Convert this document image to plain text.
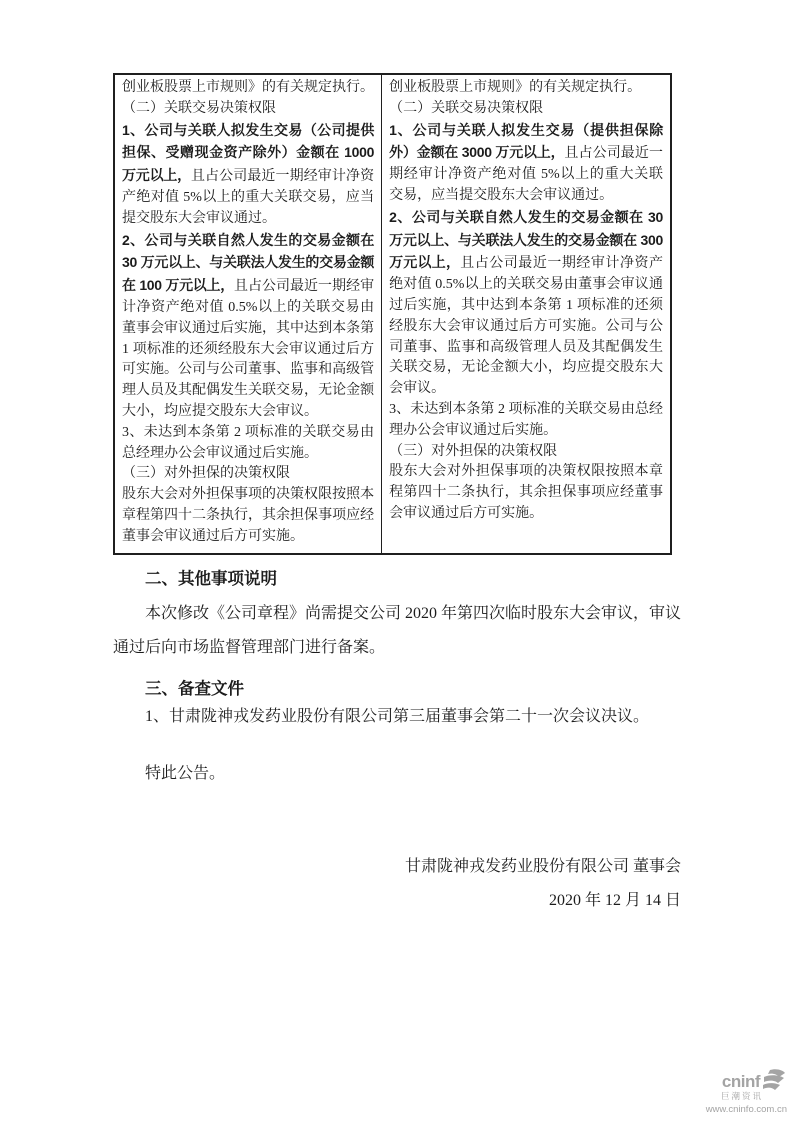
创业板股票上市规则》的有关规定执行。

（二）关联交易决策权限

1、公司与关联人拟发生交易（公司提供担保、受赠现金资产除外）金额在 1000 万元以上，且占公司最近一期经审计净资产绝对值 5%以上的重大关联交易，应当提交股东大会审议通过。

2、公司与关联自然人发生的交易金额在 30 万元以上、与关联法人发生的交易金额在 100 万元以上，且占公司最近一期经审计净资产绝对值 0.5%以上的关联交易由董事会审议通过后实施，其中达到本条第 1 项标准的还须经股东大会审议通过后方可实施。公司与公司董事、监事和高级管理人员及其配偶发生关联交易，无论金额大小，均应提交股东大会审议。

3、未达到本条第 2 项标准的关联交易由总经理办公会审议通过后实施。

（三）对外担保的决策权限

股东大会对外担保事项的决策权限按照本章程第四十二条执行，其余担保事项应经董事会审议通过后方可实施。

创业板股票上市规则》的有关规定执行。

（二）关联交易决策权限

1、公司与关联人拟发生交易（提供担保除外）金额在 3000 万元以上，且占公司最近一期经审计净资产绝对值 5%以上的重大关联交易，应当提交股东大会审议通过。

2、公司与关联自然人发生的交易金额在 30 万元以上、与关联法人发生的交易金额在 300 万元以上，且占公司最近一期经审计净资产绝对值 0.5%以上的关联交易由董事会审议通过后实施，其中达到本条第 1 项标准的还须经股东大会审议通过后方可实施。公司与公司董事、监事和高级管理人员及其配偶发生关联交易，无论金额大小，均应提交股东大会审议。

3、未达到本条第 2 项标准的关联交易由总经理办公会审议通过后实施。

（三）对外担保的决策权限

股东大会对外担保事项的决策权限按照本章程第四十二条执行，其余担保事项应经董事会审议通过后方可实施。

二、其他事项说明

本次修改《公司章程》尚需提交公司 2020 年第四次临时股东大会审议，审议通过后向市场监督管理部门进行备案。

三、备查文件

1、甘肃陇神戎发药业股份有限公司第三届董事会第二十一次会议决议。

特此公告。

甘肃陇神戎发药业股份有限公司 董事会

2020 年 12 月 14 日

cninf
巨潮资讯
www.cninfo.com.cn
